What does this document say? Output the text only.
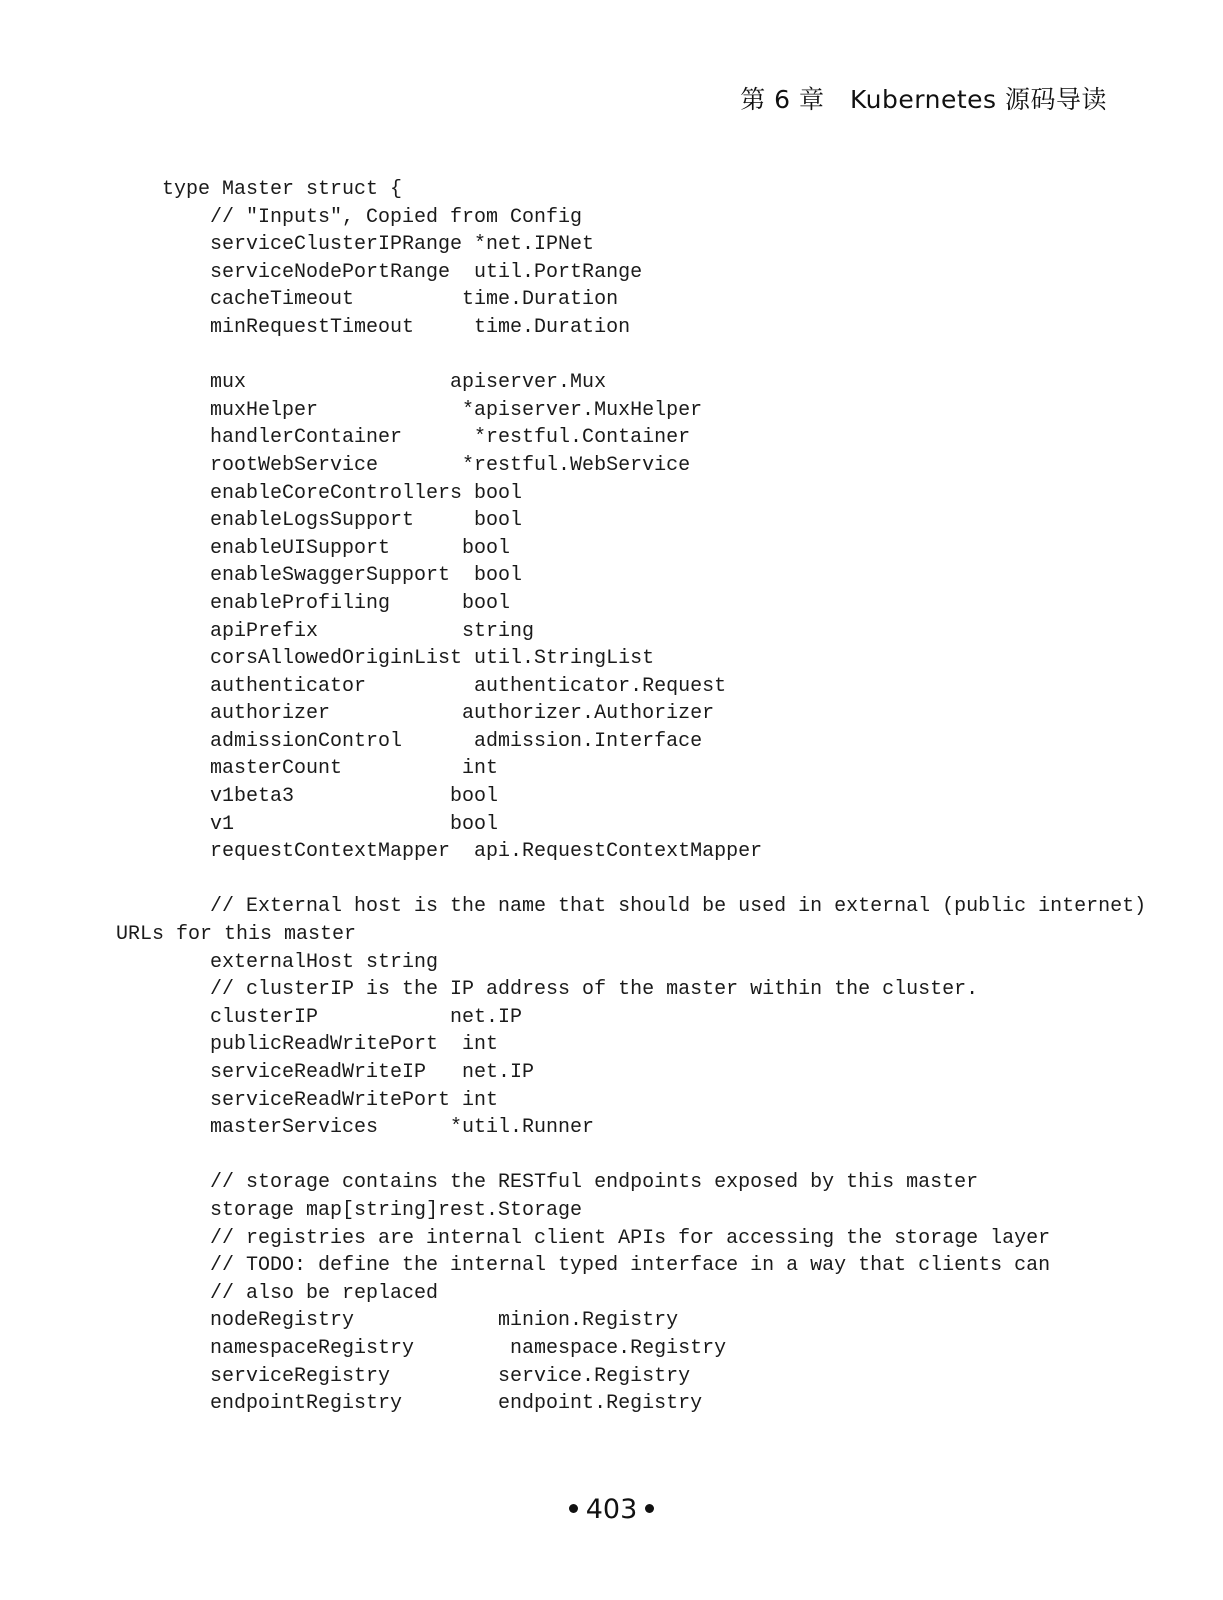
第 6 章　Kubernetes 源码导读
type Master struct {
// "Inputs", Copied from Config
serviceClusterIPRange *net.IPNet
serviceNodePortRange  util.PortRange
cacheTimeout         time.Duration
minRequestTimeout     time.Duration
mux                 apiserver.Mux
muxHelper            *apiserver.MuxHelper
handlerContainer      *restful.Container
rootWebService       *restful.WebService
enableCoreControllers bool
enableLogsSupport     bool
enableUISupport      bool
enableSwaggerSupport  bool
enableProfiling      bool
apiPrefix            string
corsAllowedOriginList util.StringList
authenticator         authenticator.Request
authorizer           authorizer.Authorizer
admissionControl      admission.Interface
masterCount          int
v1beta3             bool
v1                  bool
requestContextMapper  api.RequestContextMapper
// External host is the name that should be used in external (public internet)
URLs for this master
externalHost string
// clusterIP is the IP address of the master within the cluster.
clusterIP           net.IP
publicReadWritePort  int
serviceReadWriteIP   net.IP
serviceReadWritePort int
masterServices      *util.Runner
// storage contains the RESTful endpoints exposed by this master
storage map[string]rest.Storage
// registries are internal client APIs for accessing the storage layer
// TODO: define the internal typed interface in a way that clients can
// also be replaced
nodeRegistry            minion.Registry
namespaceRegistry        namespace.Registry
serviceRegistry         service.Registry
endpointRegistry        endpoint.Registry
403
